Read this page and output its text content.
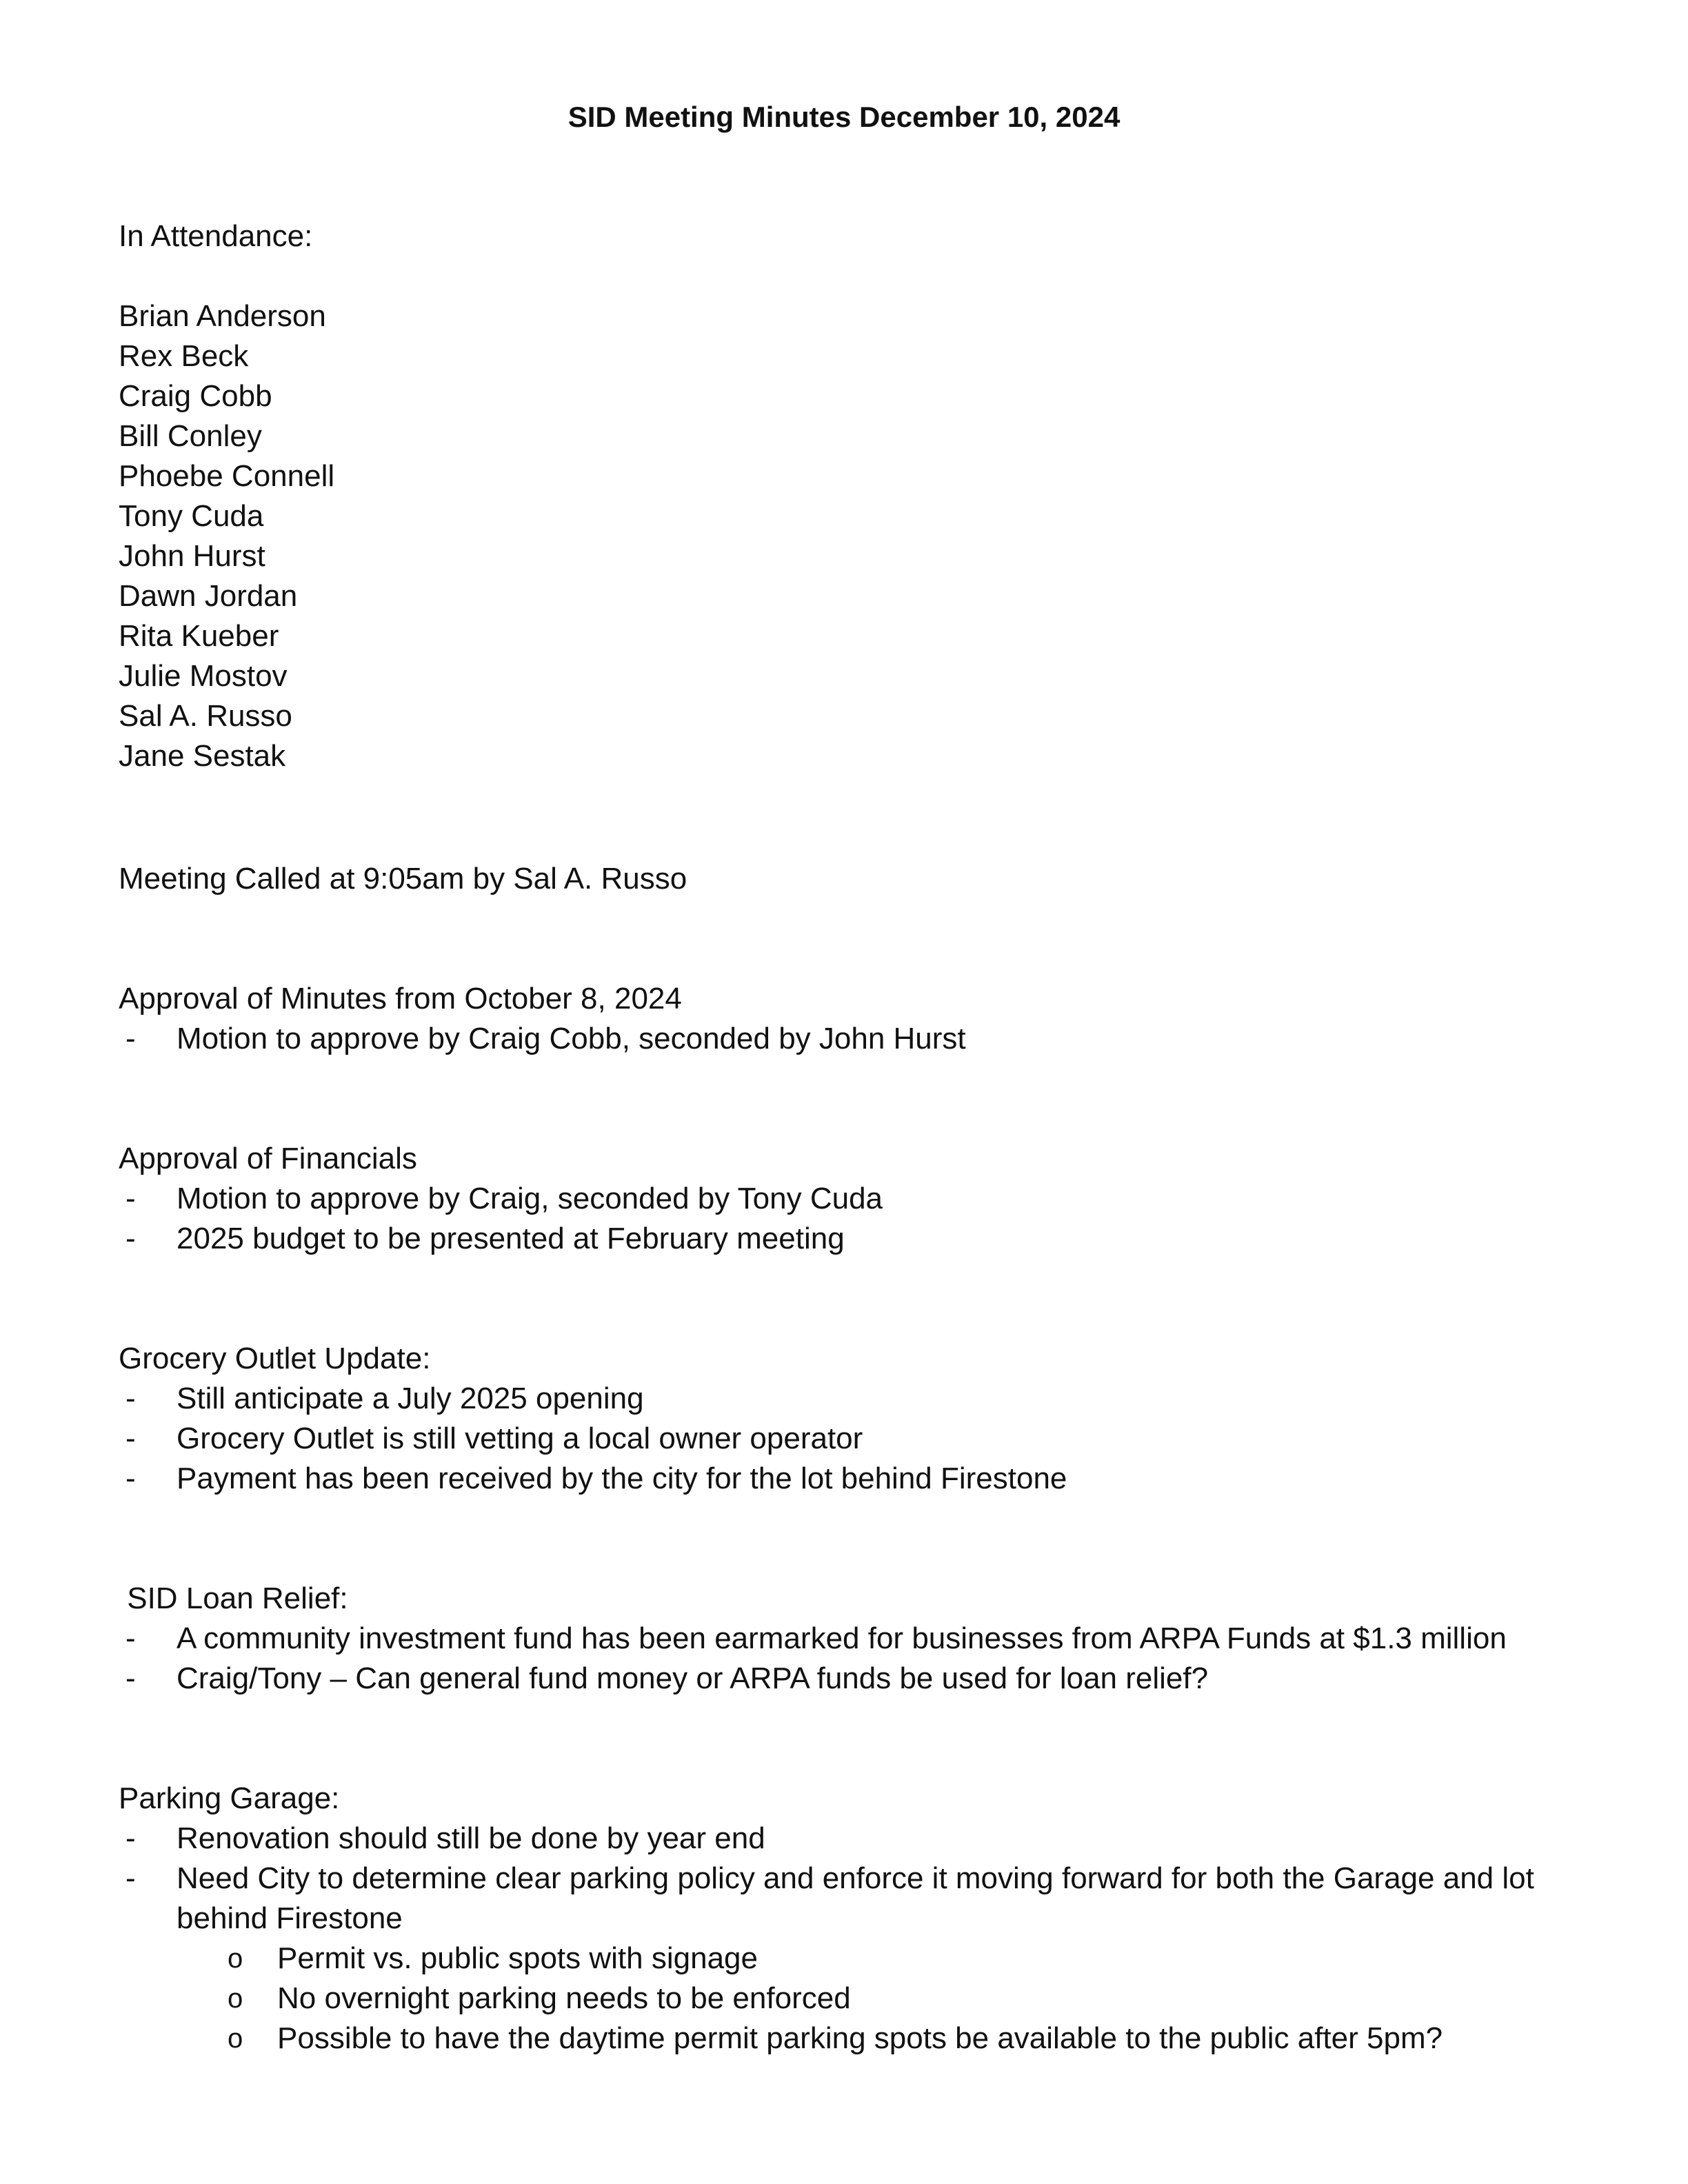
SID Meeting Minutes December 10, 2024
In Attendance:
Brian Anderson
Rex Beck
Craig Cobb
Bill Conley
Phoebe Connell
Tony Cuda
John Hurst
Dawn Jordan
Rita Kueber
Julie Mostov
Sal A. Russo
Jane Sestak
Meeting Called at 9:05am by Sal A. Russo
Approval of Minutes from October 8, 2024
- Motion to approve by Craig Cobb, seconded by John Hurst
Approval of Financials
- Motion to approve by Craig, seconded by Tony Cuda
- 2025 budget to be presented at February meeting
Grocery Outlet Update:
- Still anticipate a July 2025 opening
- Grocery Outlet is still vetting a local owner operator
- Payment has been received by the city for the lot behind Firestone
SID Loan Relief:
- A community investment fund has been earmarked for businesses from ARPA Funds at $1.3 million
- Craig/Tony – Can general fund money or ARPA funds be used for loan relief?
Parking Garage:
- Renovation should still be done by year end
- Need City to determine clear parking policy and enforce it moving forward for both the Garage and lot behind Firestone
o Permit vs. public spots with signage
o No overnight parking needs to be enforced
o Possible to have the daytime permit parking spots be available to the public after 5pm?
